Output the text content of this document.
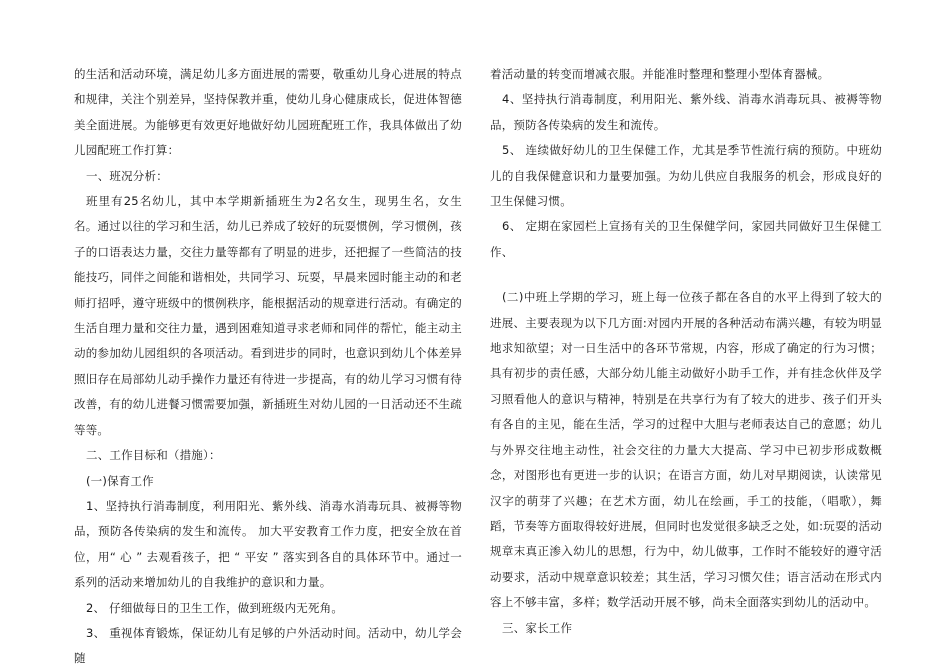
的生活和活动环境，满足幼儿多方面进展的需要，敬重幼儿身心进展的特点和规律，关注个别差异，坚持保教并重，使幼儿身心健康成长，促进体智德美全面进展。为能够更有效更好地做好幼儿园班配班工作，我具体做出了幼儿园配班工作打算：

一、班况分析：

班里有25名幼儿，其中本学期新插班生为2名女生，现男生名，女生 名。通过以往的学习和生活，幼儿已养成了较好的玩耍惯例，学习惯例，孩子的口语表达力量，交往力量等都有了明显的进步，还把握了一些简洁的技能技巧，同伴之间能和谐相处，共同学习、玩耍，早晨来园时能主动的和老师打招呼，遵守班级中的惯例秩序，能根据活动的规章进行活动。有确定的生活自理力量和交往力量，遇到困难知道寻求老师和同伴的帮忙，能主动主动的参加幼儿园组织的各项活动。看到进步的同时，也意识到幼儿个体差异照旧存在局部幼儿动手操作力量还有待进一步提高，有的幼儿学习习惯有待改善，有的幼儿进餐习惯需要加强，新插班生对幼儿园的一日活动还不生疏等等。

二、工作目标和（措施）：

(一)保育工作

1、坚持执行消毒制度，利用阳光、紫外线、消毒水消毒玩具、被褥等物品，预防各传染病的发生和流传。 加大平安教育工作力度，把安全放在首位，用“ 心 ” 去观看孩子，把 “ 平安 ” 落实到各自的具体环节中。通过一系列的活动来增加幼儿的自我维护的意识和力量。

2、 仔细做每日的卫生工作，做到班级内无死角。

3、 重视体育锻炼，保证幼儿有足够的户外活动时间。活动中，幼儿学会随

着活动量的转变而增减衣服。并能准时整理和整理小型体育器械。

4、坚持执行消毒制度，利用阳光、紫外线、消毒水消毒玩具、被褥等物品，预防各传染病的发生和流传。

5、 连续做好幼儿的卫生保健工作，尤其是季节性流行病的预防。中班幼儿的自我保健意识和力量要加强。为幼儿供应自我服务的机会，形成良好的卫生保健习惯。

6、 定期在家园栏上宣扬有关的卫生保健学问，家园共同做好卫生保健工作、

(二)中班上学期的学习，班上每一位孩子都在各自的水平上得到了较大的进展、主要表现为以下几方面:对园内开展的各种活动布满兴趣，有较为明显地求知欲望；对一日生活中的各环节常规，内容，形成了确定的行为习惯；具有初步的责任感，大部分幼儿能主动做好小助手工作，并有挂念伙伴及学习照看他人的意识与精神，特别是在共享行为有了较大的进步、孩子们开头有各自的主见，能在生活，学习的过程中大胆与老师表达自己的意愿；幼儿与外界交往地主动性，社会交往的力量大大提高、学习中已初步形成数概念，对图形也有更进一步的认识；在语言方面，幼儿对早期阅读，认读常见汉字的萌芽了兴趣；在艺术方面，幼儿在绘画，手工的技能，（唱歌），舞蹈，节奏等方面取得较好进展，但同时也发觉很多缺乏之处，如:玩耍的活动规章末真正渗入幼儿的思想，行为中，幼儿做事，工作时不能较好的遵守活动要求，活动中规章意识较差；其生活，学习习惯欠佳；语言活动在形式内容上不够丰富，多样；数学活动开展不够，尚未全面落实到幼儿的活动中。

三、家长工作
